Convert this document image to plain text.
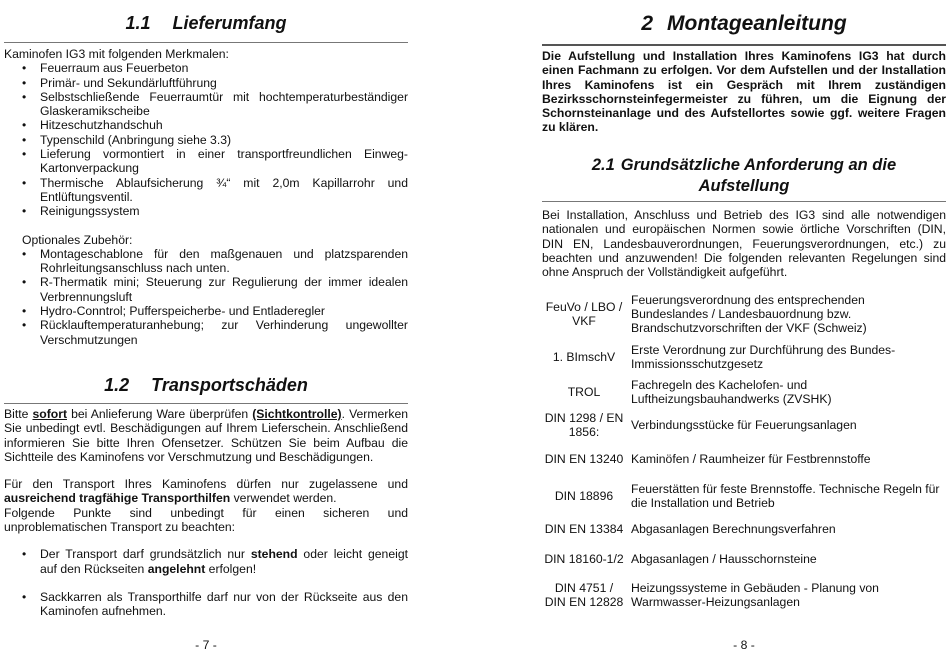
1.1 Lieferumfang

Kaminofen IG3 mit folgenden Merkmalen:

• Feuerraum aus Feuerbeton
• Primär- und Sekundärluftführung
• Selbstschließende Feuerraumtür mit hochtemperaturbeständiger Glaskeramikscheibe
• Hitzeschutzhandschuh
• Typenschild (Anbringung siehe 3.3)
• Lieferung vormontiert in einer transportfreundlichen Einweg-Kartonverpackung
• Thermische Ablaufsicherung ¾“ mit 2,0m Kapillarrohr und Entlüftungsventil.
• Reinigungssystem

Optionales Zubehör:

• Montageschablone für den maßgenauen und platzsparenden Rohrleitungsanschluss nach unten.
• R-Thermatik mini; Steuerung zur Regulierung der immer idealen Verbrennungsluft
• Hydro-Conntrol; Pufferspeicherbe- und Entladeregler
• Rücklauftemperaturanhebung; zur Verhinderung ungewollter Verschmutzungen
1.2 Transportschäden

Bitte sofort bei Anlieferung Ware überprüfen (Sichtkontrolle). Vermerken Sie unbedingt evtl. Beschädigungen auf Ihrem Lieferschein. Anschließend informieren Sie bitte Ihren Ofensetzer. Schützen Sie beim Aufbau die Sichtteile des Kaminofens vor Verschmutzung und Beschädigungen.

Für den Transport Ihres Kaminofens dürfen nur zugelassene und ausreichend tragfähige Transporthilfen verwendet werden.

Folgende Punkte sind unbedingt für einen sicheren und unproblematischen Transport zu beachten:

• Der Transport darf grundsätzlich nur stehend oder leicht geneigt auf den Rückseiten angelehnt erfolgen!
• Sackkarren als Transporthilfe darf nur von der Rückseite aus den Kaminofen aufnehmen.
- 7 -
2 Montageanleitung

Die Aufstellung und Installation Ihres Kaminofens IG3 hat durch einen Fachmann zu erfolgen. Vor dem Aufstellen und der Installation Ihres Kaminofens ist ein Gespräch mit Ihrem zuständigen Bezirksschornsteinfegermeister zu führen, um die Eignung der Schornsteinanlage und des Aufstellortes sowie ggf. weitere Fragen zu klären.

2.1 Grundsätzliche Anforderung an die
Aufstellung

Bei Installation, Anschluss und Betrieb des IG3 sind alle notwendigen nationalen und europäischen Normen sowie örtliche Vorschriften (DIN, DIN EN, Landesbauverordnungen, Feuerungsverordnungen, etc.) zu beachten und anzuwenden! Die folgenden relevanten Regelungen sind ohne Anspruch der Vollständigkeit aufgeführt.

FeuVo / LBO / VKF	Feuerungsverordnung des entsprechenden Bundeslandes / Landesbauordnung bzw. Brandschutzvorschriften der VKF (Schweiz)
1. BImschV	Erste Verordnung zur Durchführung des Bundes-Immissionsschutzgesetz
TROL	Fachregeln des Kachelofen- und Luftheizungsbauhandwerks (ZVSHK)
DIN 1298 / EN 1856:	Verbindungsstücke für Feuerungsanlagen
DIN EN 13240	Kaminöfen / Raumheizer für Festbrennstoffe
DIN 18896	Feuerstätten für feste Brennstoffe. Technische Regeln für die Installation und Betrieb
DIN EN 13384	Abgasanlagen Berechnungsverfahren
DIN 18160-1/2	Abgasanlagen / Hausschornsteine
DIN 4751 / DIN EN 12828	Heizungssysteme in Gebäuden - Planung von Warmwasser-Heizungsanlagen
- 8 -
